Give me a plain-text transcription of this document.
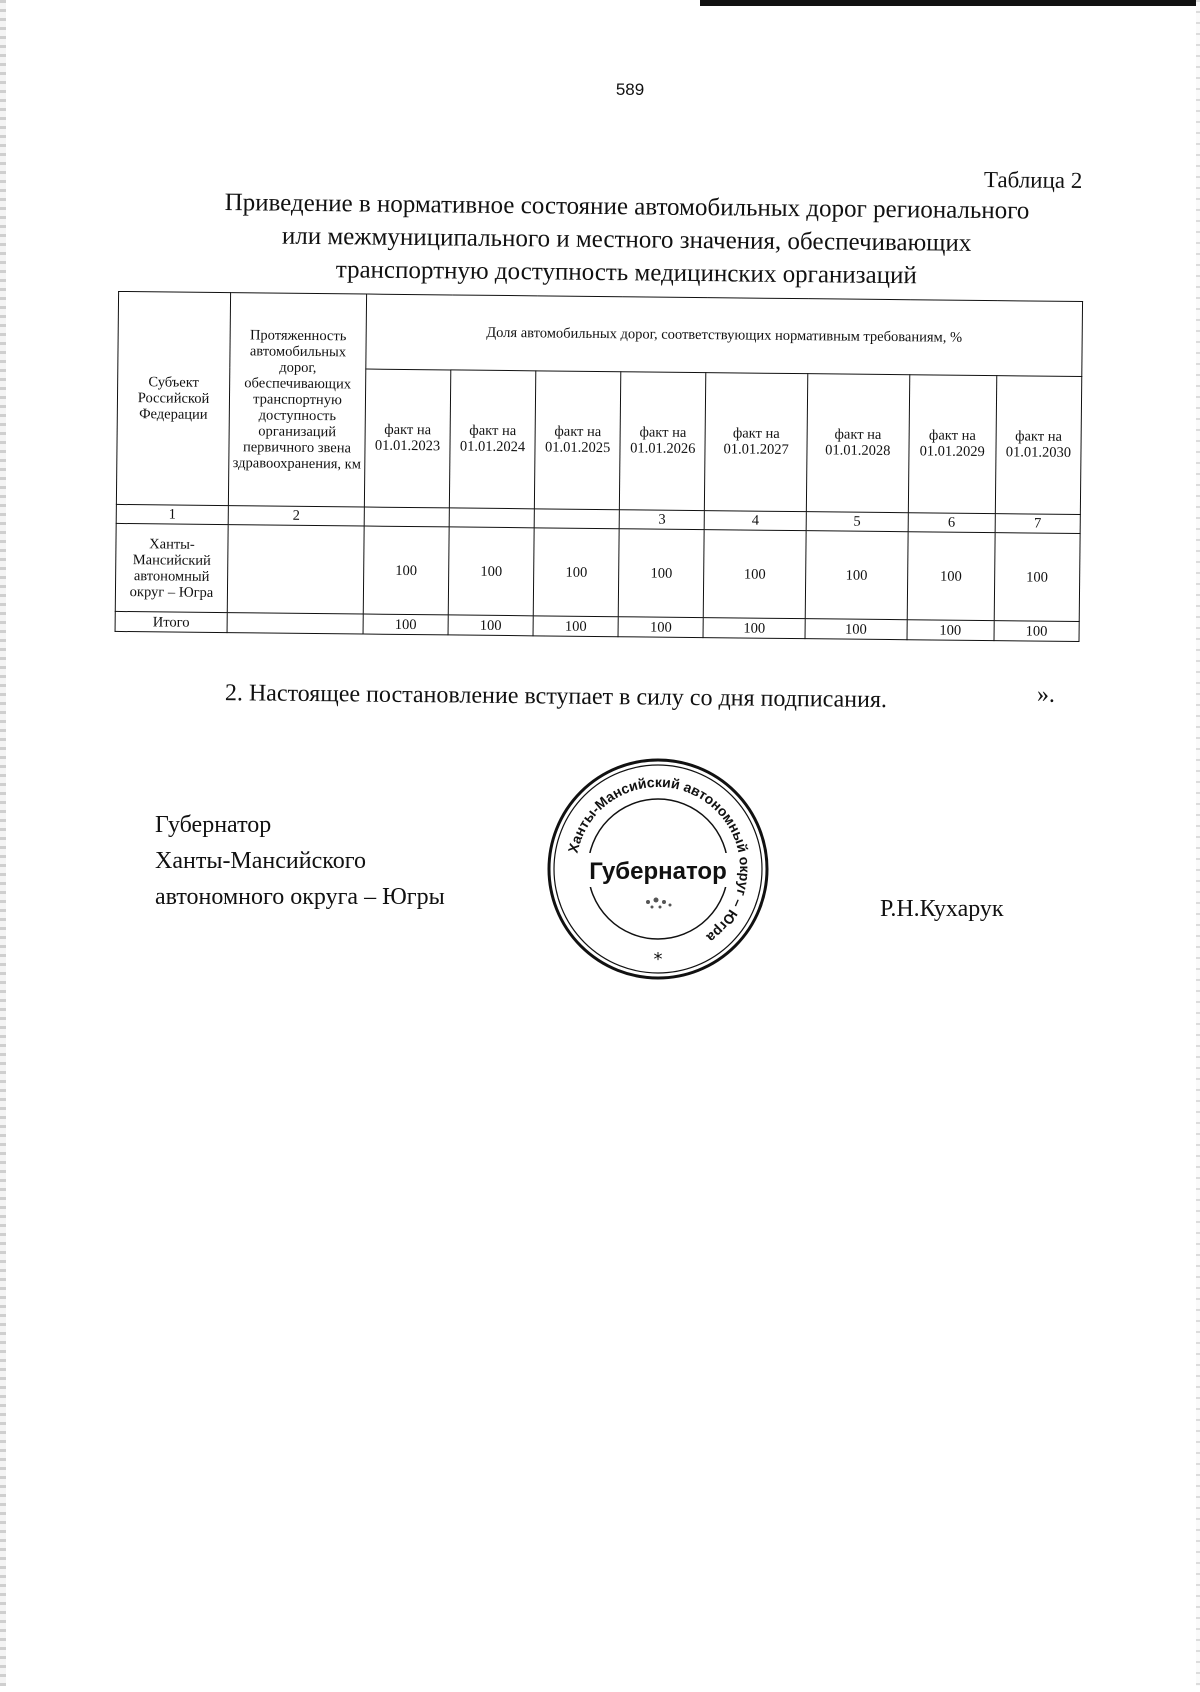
589
Таблица 2
Приведение в нормативное состояние автомобильных дорог регионального
или межмуниципального и местного значения, обеспечивающих
транспортную доступность медицинских организаций
Субъект Российской Федерации	Протяженность автомобильных дорог, обеспечивающих транспортную доступность организаций первичного звена здравоохранения, км	Доля автомобильных дорог, соответствующих нормативным требованиям, %							
		факт на 01.01.2023	факт на 01.01.2024	факт на 01.01.2025	факт на 01.01.2026	факт на 01.01.2027	факт на 01.01.2028	факт на 01.01.2029	факт на 01.01.2030
1	2				3	4	5	6	7
Ханты-Мансийский автономный округ – Югра		100	100	100	100	100	100	100	100
Итого		100	100	100	100	100	100	100	100
2. Настоящее постановление вступает в силу со дня подписания.	».
Губернатор
Ханты-Мансийского
автономного округа – Югры
Ханты-Мансийский автономный округ – Югра
Губернатор
*
Р.Н.Кухарук
